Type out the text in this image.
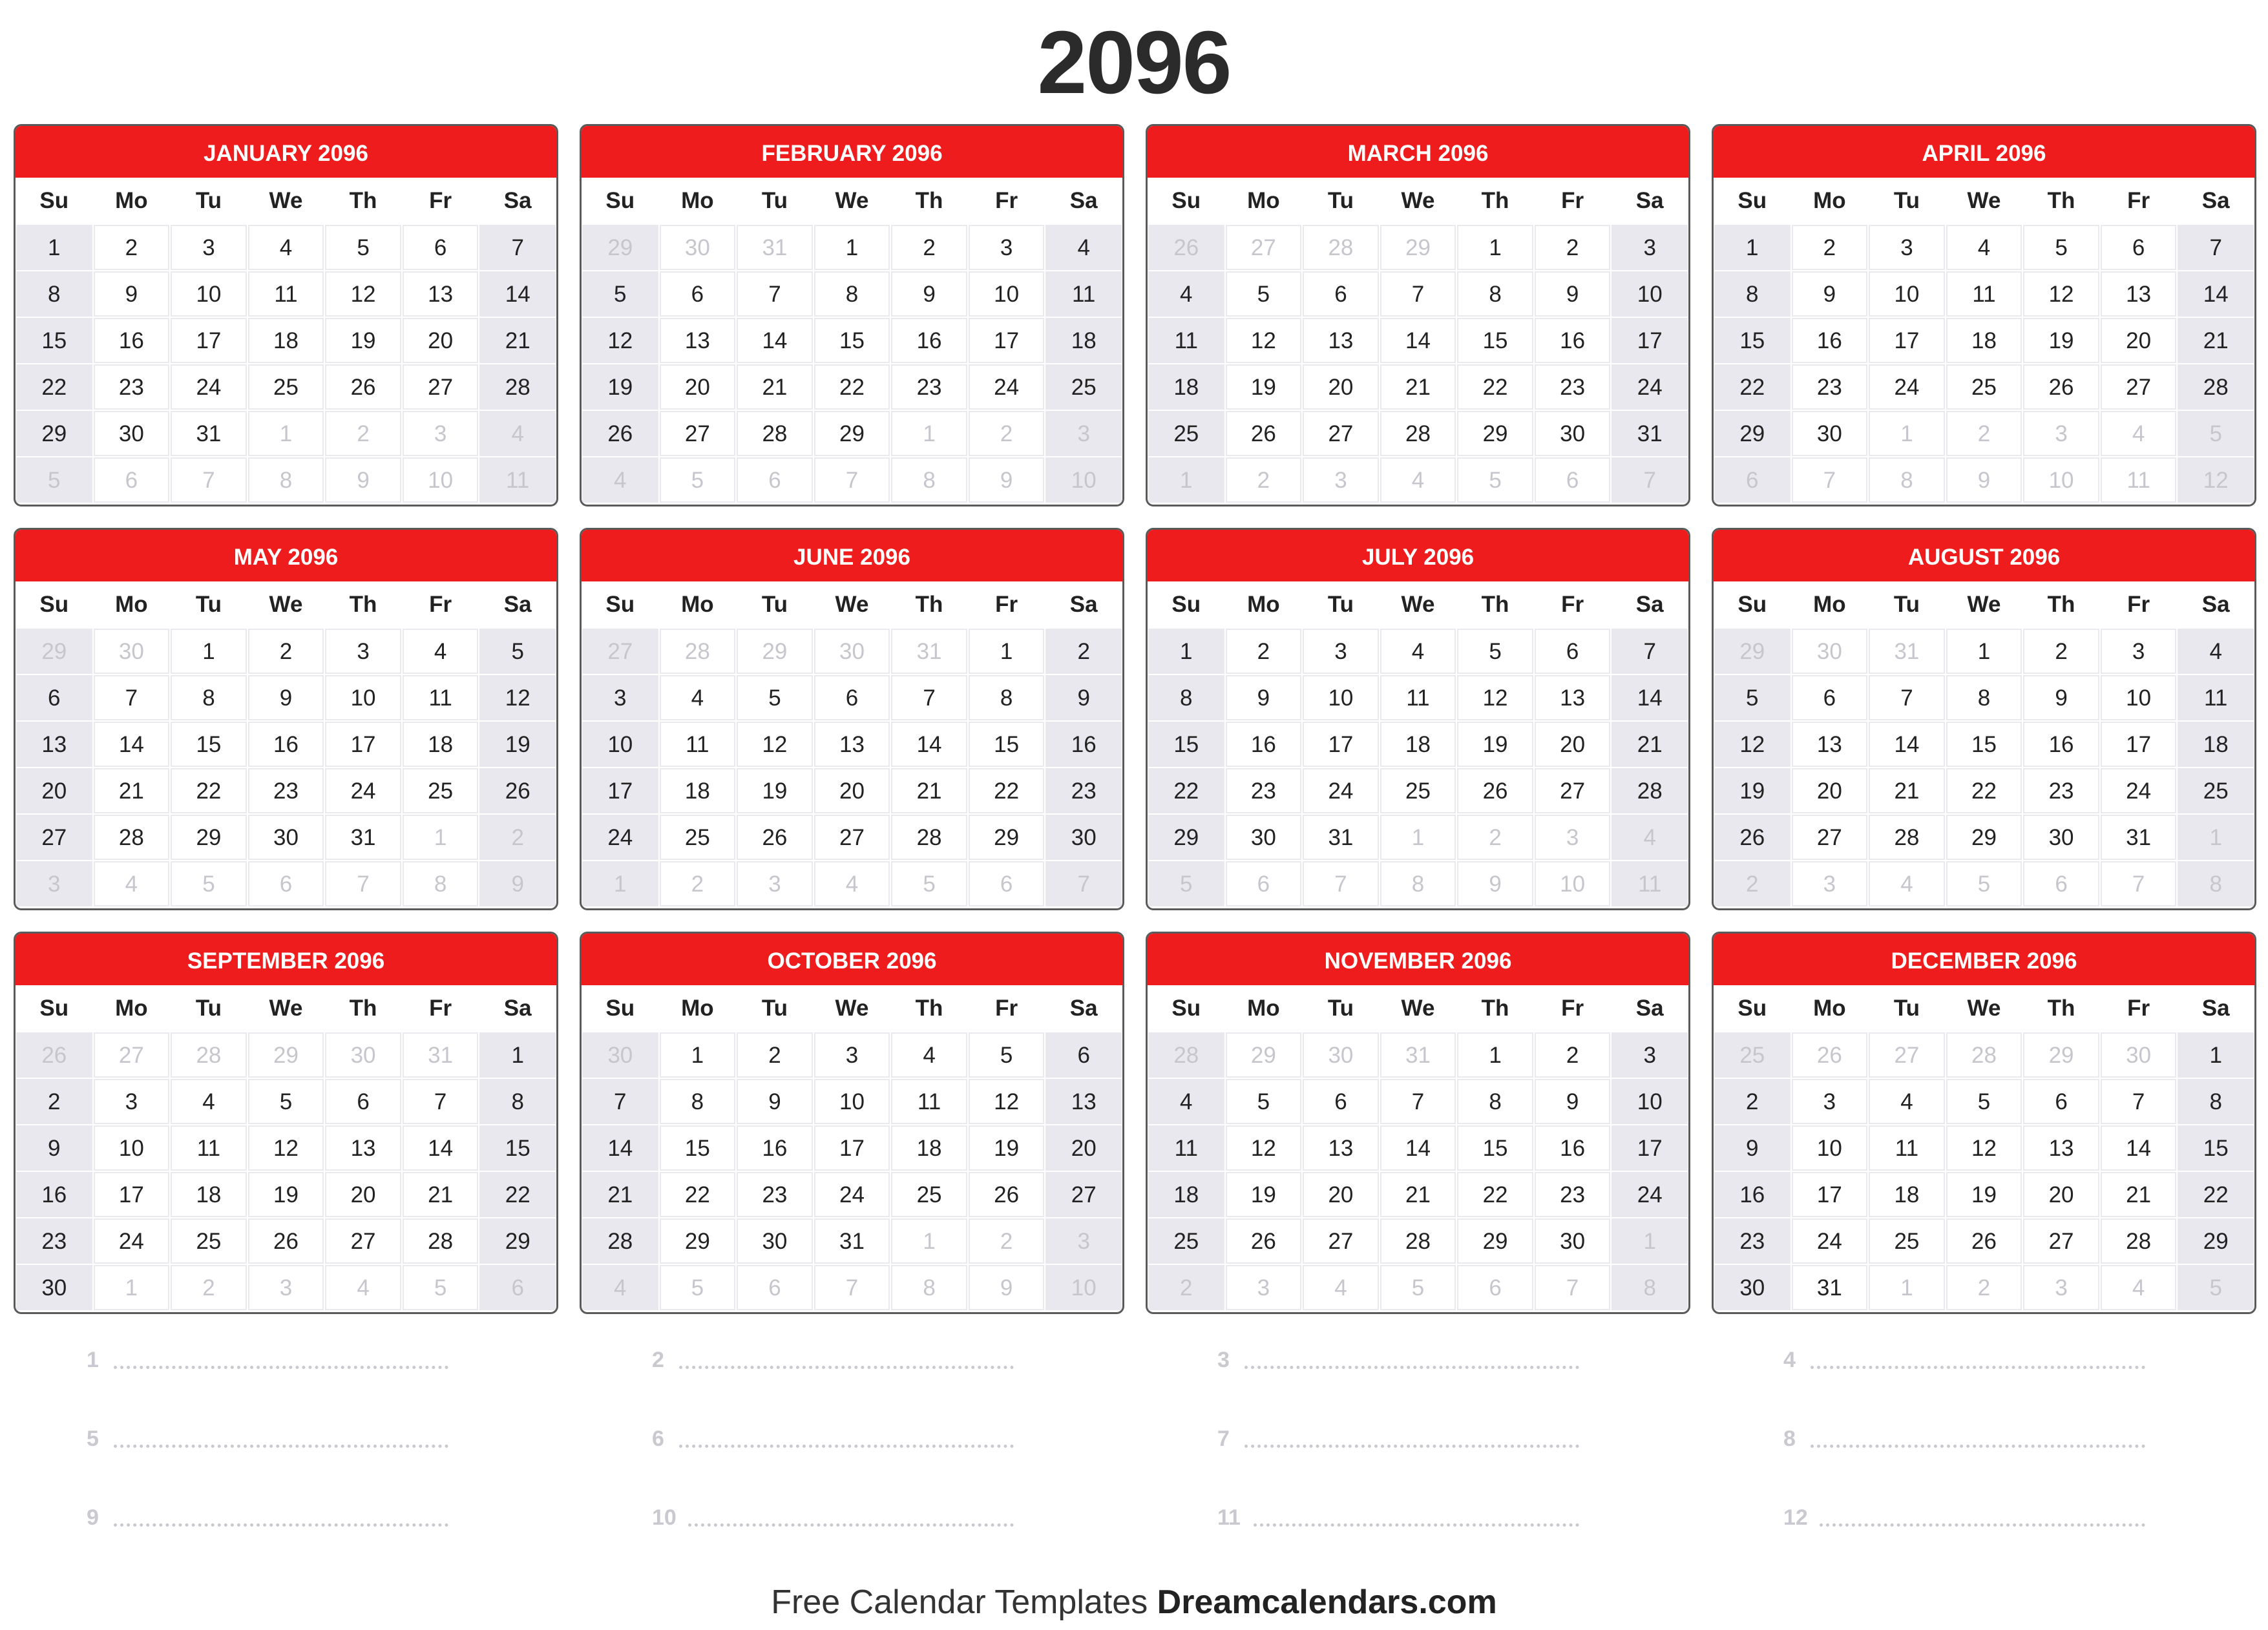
2096
JANUARY 2096
Su	Mo	Tu	We	Th	Fr	Sa
1	2	3	4	5	6	7
8	9	10	11	12	13	14
15	16	17	18	19	20	21
22	23	24	25	26	27	28
29	30	31	1	2	3	4
5	6	7	8	9	10	11
FEBRUARY 2096
Su	Mo	Tu	We	Th	Fr	Sa
29	30	31	1	2	3	4
5	6	7	8	9	10	11
12	13	14	15	16	17	18
19	20	21	22	23	24	25
26	27	28	29	1	2	3
4	5	6	7	8	9	10
MARCH 2096
Su	Mo	Tu	We	Th	Fr	Sa
26	27	28	29	1	2	3
4	5	6	7	8	9	10
11	12	13	14	15	16	17
18	19	20	21	22	23	24
25	26	27	28	29	30	31
1	2	3	4	5	6	7
APRIL 2096
Su	Mo	Tu	We	Th	Fr	Sa
1	2	3	4	5	6	7
8	9	10	11	12	13	14
15	16	17	18	19	20	21
22	23	24	25	26	27	28
29	30	1	2	3	4	5
6	7	8	9	10	11	12
MAY 2096
Su	Mo	Tu	We	Th	Fr	Sa
29	30	1	2	3	4	5
6	7	8	9	10	11	12
13	14	15	16	17	18	19
20	21	22	23	24	25	26
27	28	29	30	31	1	2
3	4	5	6	7	8	9
JUNE 2096
Su	Mo	Tu	We	Th	Fr	Sa
27	28	29	30	31	1	2
3	4	5	6	7	8	9
10	11	12	13	14	15	16
17	18	19	20	21	22	23
24	25	26	27	28	29	30
1	2	3	4	5	6	7
JULY 2096
Su	Mo	Tu	We	Th	Fr	Sa
1	2	3	4	5	6	7
8	9	10	11	12	13	14
15	16	17	18	19	20	21
22	23	24	25	26	27	28
29	30	31	1	2	3	4
5	6	7	8	9	10	11
AUGUST 2096
Su	Mo	Tu	We	Th	Fr	Sa
29	30	31	1	2	3	4
5	6	7	8	9	10	11
12	13	14	15	16	17	18
19	20	21	22	23	24	25
26	27	28	29	30	31	1
2	3	4	5	6	7	8
SEPTEMBER 2096
Su	Mo	Tu	We	Th	Fr	Sa
26	27	28	29	30	31	1
2	3	4	5	6	7	8
9	10	11	12	13	14	15
16	17	18	19	20	21	22
23	24	25	26	27	28	29
30	1	2	3	4	5	6
OCTOBER 2096
Su	Mo	Tu	We	Th	Fr	Sa
30	1	2	3	4	5	6
7	8	9	10	11	12	13
14	15	16	17	18	19	20
21	22	23	24	25	26	27
28	29	30	31	1	2	3
4	5	6	7	8	9	10
NOVEMBER 2096
Su	Mo	Tu	We	Th	Fr	Sa
28	29	30	31	1	2	3
4	5	6	7	8	9	10
11	12	13	14	15	16	17
18	19	20	21	22	23	24
25	26	27	28	29	30	1
2	3	4	5	6	7	8
DECEMBER 2096
Su	Mo	Tu	We	Th	Fr	Sa
25	26	27	28	29	30	1
2	3	4	5	6	7	8
9	10	11	12	13	14	15
16	17	18	19	20	21	22
23	24	25	26	27	28	29
30	31	1	2	3	4	5
1	2	3	4
5	6	7	8
9	10	11	12
Free Calendar Templates Dreamcalendars.com
